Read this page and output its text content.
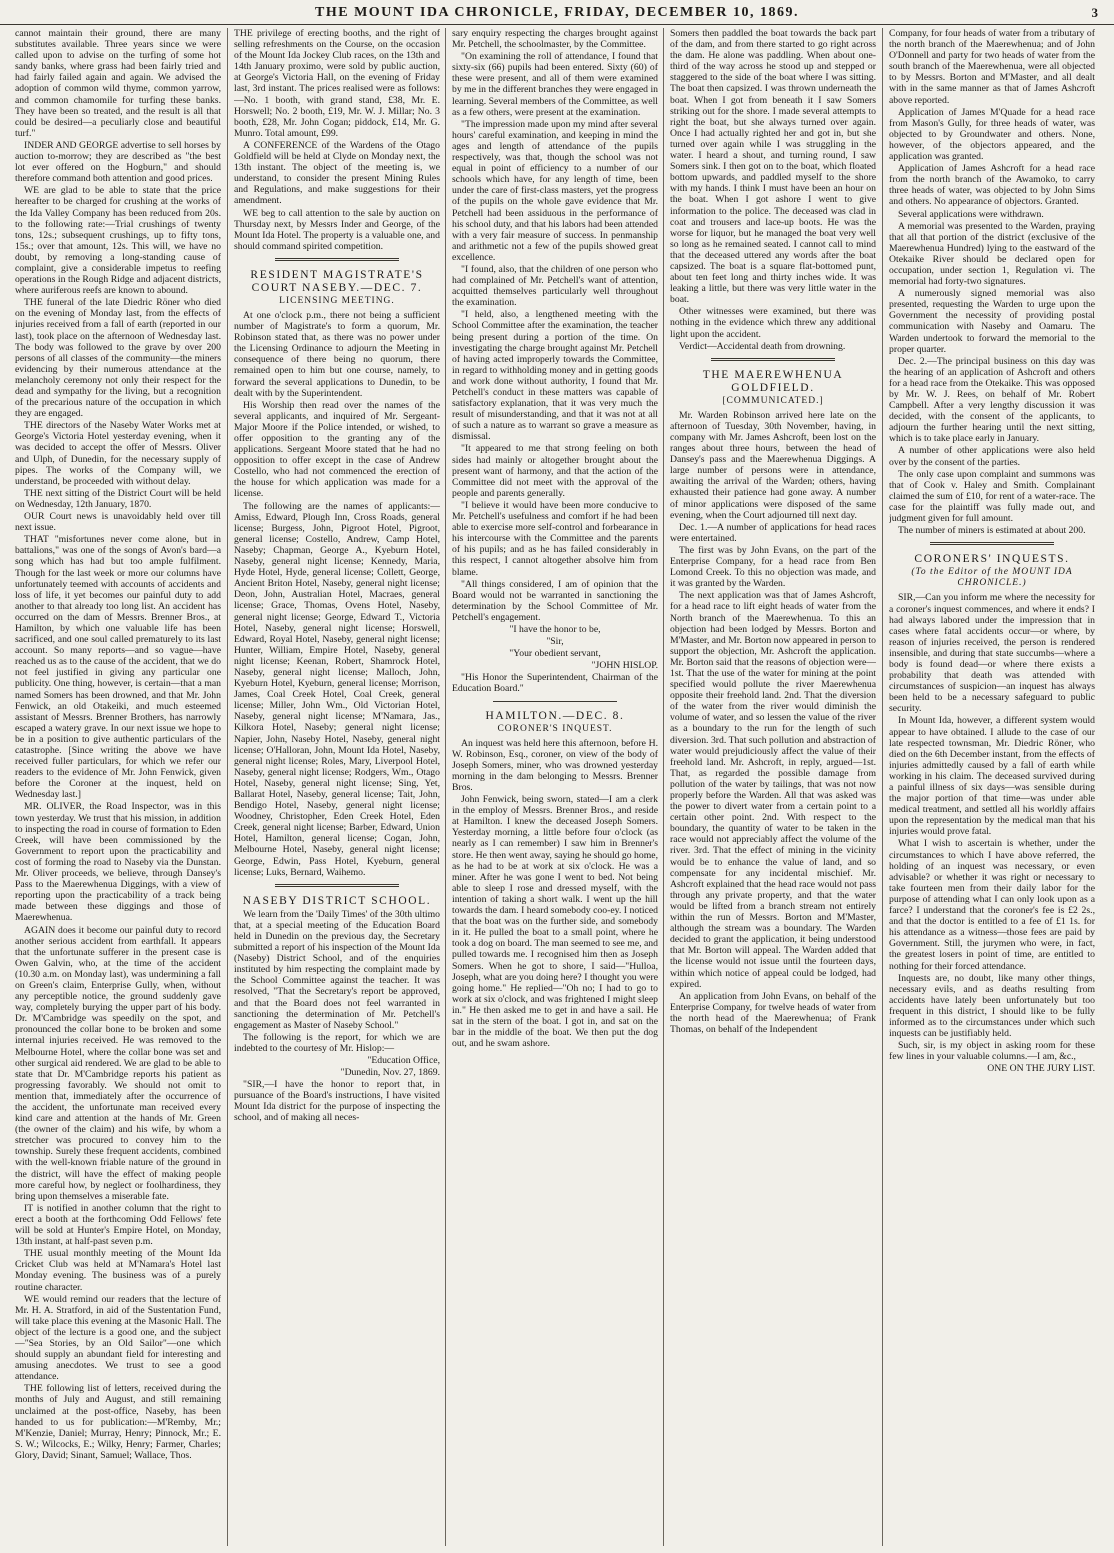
THE MOUNT IDA CHRONICLE, FRIDAY, DECEMBER 10, 1869.	3

cannot maintain their ground, there are many substitutes available. Three years since we were called upon to advise on the turfing of some hot sandy banks, where grass had been fairly tried and had fairly failed again and again. We advised the adoption of common wild thyme, common yarrow, and common chamomile for turfing these banks. They have been so treated, and the result is all that could be desired—a peculiarly close and beautiful turf."

INDER AND GEORGE advertise to sell horses by auction to-morrow; they are described as "the best lot ever offered on the Hogburn," and should therefore command both attention and good prices.

WE are glad to be able to state that the price hereafter to be charged for crushing at the works of the Ida Valley Company has been reduced from 20s. to the following rate:—Trial crushings of twenty tons, 12s.; subsequent crushings, up to fifty tons, 15s.; over that amount, 12s. This will, we have no doubt, by removing a long-standing cause of complaint, give a considerable impetus to reefing operations in the Rough Ridge and adjacent districts, where auriferous reefs are known to abound.

THE funeral of the late Diedric Röner who died on the evening of Monday last, from the effects of injuries received from a fall of earth (reported in our last), took place on the afternoon of Wednesday last. The body was followed to the grave by over 200 persons of all classes of the community—the miners evidencing by their numerous attendance at the melancholy ceremony not only their respect for the dead and sympathy for the living, but a recognition of the precarious nature of the occupation in which they are engaged.

THE directors of the Naseby Water Works met at George's Victoria Hotel yesterday evening, when it was decided to accept the offer of Messrs. Oliver and Ulph, of Dunedin, for the necessary supply of pipes. The works of the Company will, we understand, be proceeded with without delay.

THE next sitting of the District Court will be held on Wednesday, 12th January, 1870.

OUR Court news is unavoidably held over till next issue.

THAT "misfortunes never come alone, but in battalions," was one of the songs of Avon's bard—a song which has had but too ample fulfilment. Though for the last week or more our columns have unfortunately teemed with accounts of accidents and loss of life, it yet becomes our painful duty to add another to that already too long list. An accident has occurred on the dam of Messrs. Brenner Bros., at Hamilton, by which one valuable life has been sacrificed, and one soul called prematurely to its last account. So many reports—and so vague—have reached us as to the cause of the accident, that we do not feel justified in giving any particular one publicity. One thing, however, is certain—that a man named Somers has been drowned, and that Mr. John Fenwick, an old Otakeiki, and much esteemed assistant of Messrs. Brenner Brothers, has narrowly escaped a watery grave. In our next issue we hope to be in a position to give authentic particulars of the catastrophe. [Since writing the above we have received fuller particulars, for which we refer our readers to the evidence of Mr. John Fenwick, given before the Coroner at the inquest, held on Wednesday last.]

MR. OLIVER, the Road Inspector, was in this town yesterday. We trust that his mission, in addition to inspecting the road in course of formation to Eden Creek, will have been commissioned by the Government to report upon the practicability and cost of forming the road to Naseby via the Dunstan. Mr. Oliver proceeds, we believe, through Dansey's Pass to the Maerewhenua Diggings, with a view of reporting upon the practicability of a track being made between these diggings and those of Maerewhenua.

AGAIN does it become our painful duty to record another serious accident from earthfall. It appears that the unfortunate sufferer in the present case is Owen Galvin, who, at the time of the accident (10.30 a.m. on Monday last), was undermining a fall on Green's claim, Enterprise Gully, when, without any perceptible notice, the ground suddenly gave way, completely burying the upper part of his body. Dr. M'Cambridge was speedily on the spot, and pronounced the collar bone to be broken and some internal injuries received. He was removed to the Melbourne Hotel, where the collar bone was set and other surgical aid rendered. We are glad to be able to state that Dr. M'Cambridge reports his patient as progressing favorably. We should not omit to mention that, immediately after the occurrence of the accident, the unfortunate man received every kind care and attention at the hands of Mr. Green (the owner of the claim) and his wife, by whom a stretcher was procured to convey him to the township. Surely these frequent accidents, combined with the well-known friable nature of the ground in the district, will have the effect of making people more careful how, by neglect or foolhardiness, they bring upon themselves a miserable fate.

IT is notified in another column that the right to erect a booth at the forthcoming Odd Fellows' fete will be sold at Hunter's Empire Hotel, on Monday, 13th instant, at half-past seven p.m.

THE usual monthly meeting of the Mount Ida Cricket Club was held at M'Namara's Hotel last Monday evening. The business was of a purely routine character.

WE would remind our readers that the lecture of Mr. H. A. Stratford, in aid of the Sustentation Fund, will take place this evening at the Masonic Hall. The object of the lecture is a good one, and the subject—"Sea Stories, by an Old Sailor"—one which should supply an abundant field for interesting and amusing anecdotes. We trust to see a good attendance.

THE following list of letters, received during the months of July and August, and still remaining unclaimed at the post-office, Naseby, has been handed to us for publication:—M'Remby, Mr.; M'Kenzie, Daniel; Murray, Henry; Pinnock, Mr.; E. S. W.; Wilcocks, E.; Wilky, Henry; Farmer, Charles; Glory, David; Sinant, Samuel; Wallace, Thos.

THE privilege of erecting booths, and the right of selling refreshments on the Course, on the occasion of the Mount Ida Jockey Club races, on the 13th and 14th January proximo, were sold by public auction, at George's Victoria Hall, on the evening of Friday last, 3rd instant. The prices realised were as follows:—No. 1 booth, with grand stand, £38, Mr. E. Horswell; No. 2 booth, £19, Mr. W. J. Millar; No. 3 booth, £28, Mr. John Cogan; piddock, £14, Mr. G. Munro. Total amount, £99.

A CONFERENCE of the Wardens of the Otago Goldfield will be held at Clyde on Monday next, the 13th instant. The object of the meeting is, we understand, to consider the present Mining Rules and Regulations, and make suggestions for their amendment.

WE beg to call attention to the sale by auction on Thursday next, by Messrs Inder and George, of the Mount Ida Hotel. The property is a valuable one, and should command spirited competition.

RESIDENT MAGISTRATE'S COURT NASEBY.—DEC. 7.
LICENSING MEETING.

At one o'clock p.m., there not being a sufficient number of Magistrate's to form a quorum, Mr. Robinson stated that, as there was no power under the Licensing Ordinance to adjourn the Meeting in consequence of there being no quorum, there remained open to him but one course, namely, to forward the several applications to Dunedin, to be dealt with by the Superintendent.

His Worship then read over the names of the several applicants, and inquired of Mr. Sergeant-Major Moore if the Police intended, or wished, to offer opposition to the granting any of the applications. Sergeant Moore stated that he had no opposition to offer except in the case of Andrew Costello, who had not commenced the erection of the house for which application was made for a license.

The following are the names of applicants:—Amiss, Edward, Plough Inn, Cross Roads, general license; Burgess, John, Pigroot Hotel, Pigroot, general license; Costello, Andrew, Camp Hotel, Naseby; Chapman, George A., Kyeburn Hotel, Naseby, general night license; Kennedy, Maria, Hyde Hotel, Hyde, general license; Collett, George, Ancient Briton Hotel, Naseby, general night license; Deon, John, Australian Hotel, Macraes, general license; Grace, Thomas, Ovens Hotel, Naseby, general night license; George, Edward T., Victoria Hotel, Naseby, general night license; Horswell, Edward, Royal Hotel, Naseby, general night license; Hunter, William, Empire Hotel, Naseby, general night license; Keenan, Robert, Shamrock Hotel, Naseby, general night license; Malloch, John, Kyeburn Hotel, Kyeburn, general license; Morrison, James, Coal Creek Hotel, Coal Creek, general license; Miller, John Wm., Old Victorian Hotel, Naseby, general night license; M'Namara, Jas., Kilkora Hotel, Naseby; general night license; Napier, John, Naseby Hotel, Naseby, general night license; O'Halloran, John, Mount Ida Hotel, Naseby, general night license; Roles, Mary, Liverpool Hotel, Naseby, general night license; Rodgers, Wm., Otago Hotel, Naseby, general night license; Sing, Yet, Ballarat Hotel, Naseby, general license; Tait, John, Bendigo Hotel, Naseby, general night license; Woodney, Christopher, Eden Creek Hotel, Eden Creek, general night license; Barber, Edward, Union Hotel, Hamilton, general license; Cogan, John, Melbourne Hotel, Naseby, general night license; George, Edwin, Pass Hotel, Kyeburn, general license; Luks, Bernard, Waihemo.

NASEBY DISTRICT SCHOOL.

We learn from the 'Daily Times' of the 30th ultimo that, at a special meeting of the Education Board held in Dunedin on the previous day, the Secretary submitted a report of his inspection of the Mount Ida (Naseby) District School, and of the enquiries instituted by him respecting the complaint made by the School Committee against the teacher. It was resolved, "That the Secretary's report be approved, and that the Board does not feel warranted in sanctioning the determination of Mr. Petchell's engagement as Master of Naseby School."

The following is the report, for which we are indebted to the courtesy of Mr. Hislop:—

"Education Office,

"Dunedin, Nov. 27, 1869.

"SIR,—I have the honor to report that, in pursuance of the Board's instructions, I have visited Mount Ida district for the purpose of inspecting the school, and of making all neces-

sary enquiry respecting the charges brought against Mr. Petchell, the schoolmaster, by the Committee.

"On examining the roll of attendance, I found that sixty-six (66) pupils had been entered. Sixty (60) of these were present, and all of them were examined by me in the different branches they were engaged in learning. Several members of the Committee, as well as a few others, were present at the examination.

"The impression made upon my mind after several hours' careful examination, and keeping in mind the ages and length of attendance of the pupils respectively, was that, though the school was not equal in point of efficiency to a number of our schools which have, for any length of time, been under the care of first-class masters, yet the progress of the pupils on the whole gave evidence that Mr. Petchell had been assiduous in the performance of his school duty, and that his labors had been attended with a very fair measure of success. In penmanship and arithmetic not a few of the pupils showed great excellence.

"I found, also, that the children of one person who had complained of Mr. Petchell's want of attention, acquitted themselves particularly well throughout the examination.

"I held, also, a lengthened meeting with the School Committee after the examination, the teacher being present during a portion of the time. On investigating the charge brought against Mr. Petchell of having acted improperly towards the Committee, in regard to withholding money and in getting goods and work done without authority, I found that Mr. Petchell's conduct in these matters was capable of satisfactory explanation, that it was very much the result of misunderstanding, and that it was not at all of such a nature as to warrant so grave a measure as dismissal.

"It appeared to me that strong feeling on both sides had mainly or altogether brought about the present want of harmony, and that the action of the Committee did not meet with the approval of the people and parents generally.

"I believe it would have been more conducive to Mr. Petchell's usefulness and comfort if he had been able to exercise more self-control and forbearance in his intercourse with the Committee and the parents of his pupils; and as he has failed considerably in this respect, I cannot altogether absolve him from blame.

"All things considered, I am of opinion that the Board would not be warranted in sanctioning the determination by the School Committee of Mr. Petchell's engagement.

"I have the honor to be,

"Sir,

"Your obedient servant,

"JOHN HISLOP.

"His Honor the Superintendent, Chairman of the Education Board."

HAMILTON.—DEC. 8.
CORONER'S INQUEST.

An inquest was held here this afternoon, before H. W. Robinson, Esq., coroner, on view of the body of Joseph Somers, miner, who was drowned yesterday morning in the dam belonging to Messrs. Brenner Bros.

John Fenwick, being sworn, stated—I am a clerk in the employ of Messrs. Brenner Bros., and reside at Hamilton. I knew the deceased Joseph Somers. Yesterday morning, a little before four o'clock (as nearly as I can remember) I saw him in Brenner's store. He then went away, saying he should go home, as he had to be at work at six o'clock. He was a miner. After he was gone I went to bed. Not being able to sleep I rose and dressed myself, with the intention of taking a short walk. I went up the hill towards the dam. I heard somebody coo-ey. I noticed that the boat was on the further side, and somebody in it. He pulled the boat to a small point, where he took a dog on board. The man seemed to see me, and pulled towards me. I recognised him then as Joseph Somers. When he got to shore, I said—"Hulloa, Joseph, what are you doing here? I thought you were going home." He replied—"Oh no; I had to go to work at six o'clock, and was frightened I might sleep in." He then asked me to get in and have a sail. He sat in the stern of the boat. I got in, and sat on the bar in the middle of the boat. We then put the dog out, and he swam ashore.

Somers then paddled the boat towards the back part of the dam, and from there started to go right across the dam. He alone was paddling. When about one-third of the way across he stood up and stepped or staggered to the side of the boat where I was sitting. The boat then capsized. I was thrown underneath the boat. When I got from beneath it I saw Somers striking out for the shore. I made several attempts to right the boat, but she always turned over again. Once I had actually righted her and got in, but she turned over again while I was struggling in the water. I heard a shout, and turning round, I saw Somers sink. I then got on to the boat, which floated bottom upwards, and paddled myself to the shore with my hands. I think I must have been an hour on the boat. When I got ashore I went to give information to the police. The deceased was clad in coat and trousers and lace-up boots. He was the worse for liquor, but he managed the boat very well so long as he remained seated. I cannot call to mind that the deceased uttered any words after the boat capsized. The boat is a square flat-bottomed punt, about ten feet long and thirty inches wide. It was leaking a little, but there was very little water in the boat.

Other witnesses were examined, but there was nothing in the evidence which threw any additional light upon the accident.

Verdict—Accidental death from drowning.

THE MAEREWHENUA GOLDFIELD.
[COMMUNICATED.]

Mr. Warden Robinson arrived here late on the afternoon of Tuesday, 30th November, having, in company with Mr. James Ashcroft, been lost on the ranges about three hours, between the head of Dansey's pass and the Maerewhenua Diggings. A large number of persons were in attendance, awaiting the arrival of the Warden; others, having exhausted their patience had gone away. A number of minor applications were disposed of the same evening, when the Court adjourned till next day.

Dec. 1.—A number of applications for head races were entertained.

The first was by John Evans, on the part of the Enterprise Company, for a head race from Ben Lomond Creek. To this no objection was made, and it was granted by the Warden.

The next application was that of James Ashcroft, for a head race to lift eight heads of water from the North branch of the Maerewhenua. To this an objection had been lodged by Messrs. Borton and M'Master, and Mr. Borton now appeared in person to support the objection, Mr. Ashcroft the application. Mr. Borton said that the reasons of objection were—1st. That the use of the water for mining at the point specified would pollute the river Maerewhenua opposite their freehold land. 2nd. That the diversion of the water from the river would diminish the volume of water, and so lessen the value of the river as a boundary to the run for the length of such diversion. 3rd. That such pollution and abstraction of water would prejudiciously affect the value of their freehold land. Mr. Ashcroft, in reply, argued—1st. That, as regarded the possible damage from pollution of the water by tailings, that was not now properly before the Warden. All that was asked was the power to divert water from a certain point to a certain other point. 2nd. With respect to the boundary, the quantity of water to be taken in the race would not appreciably affect the volume of the river. 3rd. That the effect of mining in the vicinity would be to enhance the value of land, and so compensate for any incidental mischief. Mr. Ashcroft explained that the head race would not pass through any private property, and that the water would be lifted from a branch stream not entirely within the run of Messrs. Borton and M'Master, although the stream was a boundary. The Warden decided to grant the application, it being understood that Mr. Borton will appeal. The Warden added that the license would not issue until the fourteen days, within which notice of appeal could be lodged, had expired.

An application from John Evans, on behalf of the Enterprise Company, for twelve heads of water from the north head of the Maerewhenua; of Frank Thomas, on behalf of the Independent

Company, for four heads of water from a tributary of the north branch of the Maerewhenua; and of John O'Donnell and party for two heads of water from the south branch of the Maerewhenua, were all objected to by Messrs. Borton and M'Master, and all dealt with in the same manner as that of James Ashcroft above reported.

Application of James M'Quade for a head race from Mason's Gully, for three heads of water, was objected to by Groundwater and others. None, however, of the objectors appeared, and the application was granted.

Application of James Ashcroft for a head race from the north branch of the Awamoko, to carry three heads of water, was objected to by John Sims and others. No appearance of objectors. Granted.

Several applications were withdrawn.

A memorial was presented to the Warden, praying that all that portion of the district (exclusive of the Maerewhenua Hundred) lying to the eastward of the Otekaike River should be declared open for occupation, under section 1, Regulation vi. The memorial had forty-two signatures.

A numerously signed memorial was also presented, requesting the Warden to urge upon the Government the necessity of providing postal communication with Naseby and Oamaru. The Warden undertook to forward the memorial to the proper quarter.

Dec. 2.—The principal business on this day was the hearing of an application of Ashcroft and others for a head race from the Otekaike. This was opposed by Mr. W. J. Rees, on behalf of Mr. Robert Campbell. After a very lengthy discussion it was decided, with the consent of the applicants, to adjourn the further hearing until the next sitting, which is to take place early in January.

A number of other applications were also held over by the consent of the parties.

The only case upon complaint and summons was that of Cook v. Haley and Smith. Complainant claimed the sum of £10, for rent of a water-race. The case for the plaintiff was fully made out, and judgment given for full amount.

The number of miners is estimated at about 200.

CORONERS' INQUESTS.
(To the Editor of the MOUNT IDA CHRONICLE.)

SIR,—Can you inform me where the necessity for a coroner's inquest commences, and where it ends? I had always labored under the impression that in cases where fatal accidents occur—or where, by reason of injuries received, the person is rendered insensible, and during that state succumbs—where a body is found dead—or where there exists a probability that death was attended with circumstances of suspicion—an inquest has always been held to be a necessary safeguard to public security.

In Mount Ida, however, a different system would appear to have obtained. I allude to the case of our late respected townsman, Mr. Diedric Röner, who died on the 6th December instant, from the effects of injuries admittedly caused by a fall of earth while working in his claim. The deceased survived during a painful illness of six days—was sensible during the major portion of that time—was under able medical treatment, and settled all his worldly affairs upon the representation by the medical man that his injuries would prove fatal.

What I wish to ascertain is whether, under the circumstances to which I have above referred, the holding of an inquest was necessary, or even advisable? or whether it was right or necessary to take fourteen men from their daily labor for the purpose of attending what I can only look upon as a farce? I understand that the coroner's fee is £2 2s., and that the doctor is entitled to a fee of £1 1s. for his attendance as a witness—those fees are paid by Government. Still, the jurymen who were, in fact, the greatest losers in point of time, are entitled to nothing for their forced attendance.

Inquests are, no doubt, like many other things, necessary evils, and as deaths resulting from accidents have lately been unfortunately but too frequent in this district, I should like to be fully informed as to the circumstances under which such inquests can be justifiably held.

Such, sir, is my object in asking room for these few lines in your valuable columns.—I am, &c.,

ONE ON THE JURY LIST.
